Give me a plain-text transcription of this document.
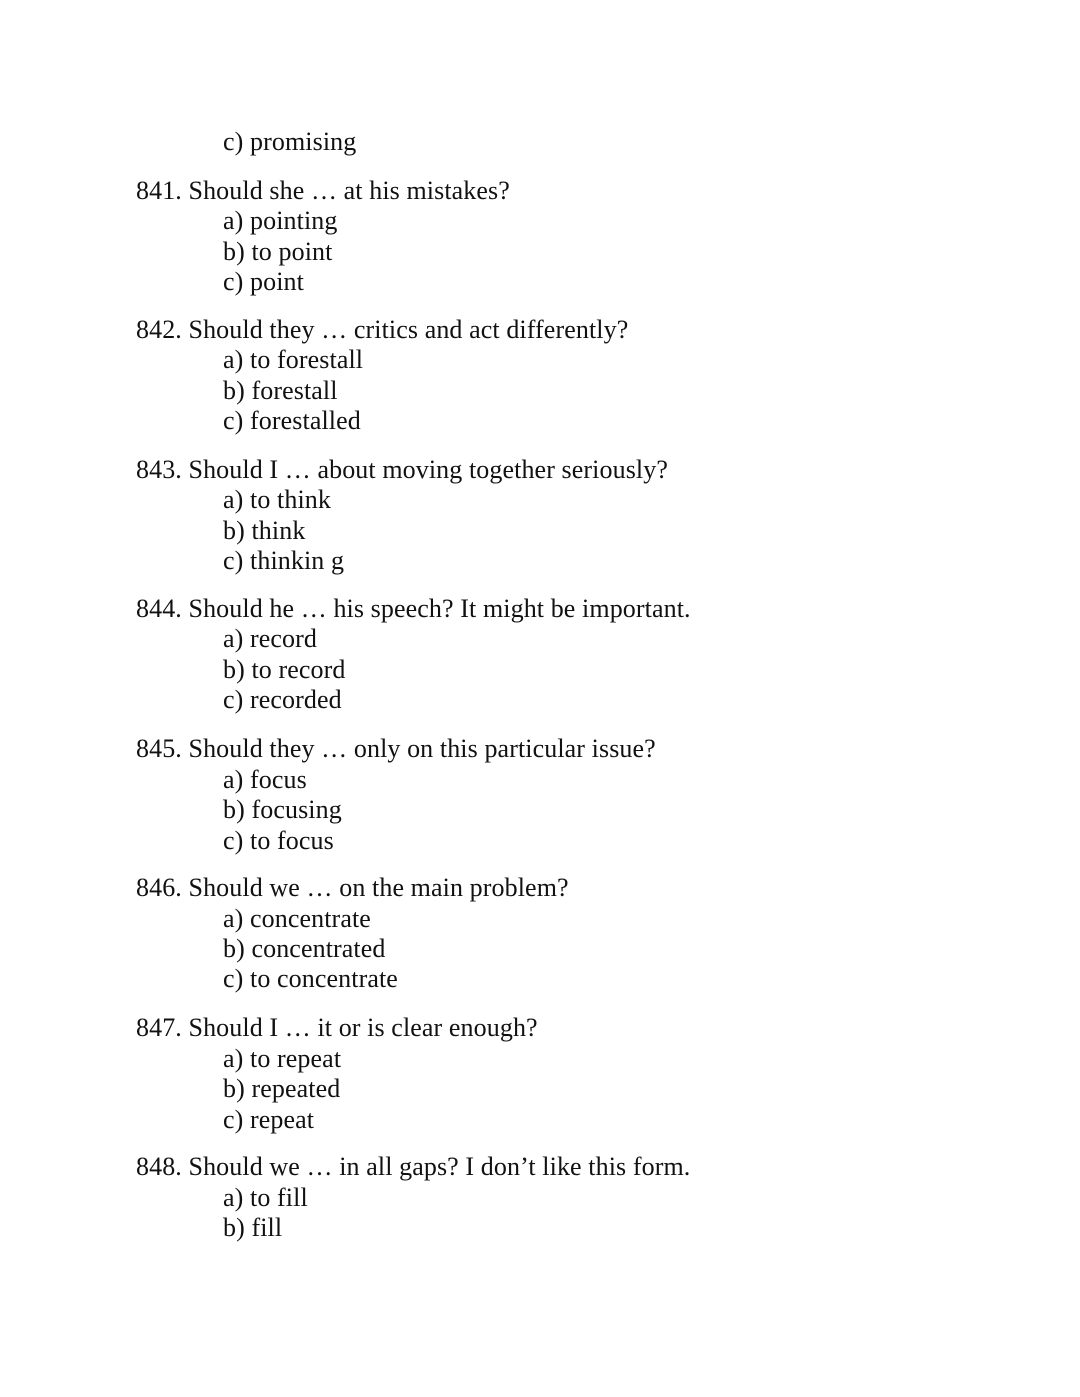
c) promising
841. Should she … at his mistakes?
a) pointing
b) to point
c) point
842. Should they … critics and act differently?
a) to forestall
b) forestall
c) forestalled
843. Should I … about moving together seriously?
a) to think
b) think
c) thinkin g
844. Should he … his speech? It might be important.
a) record
b) to record
c) recorded
845. Should they … only on this particular issue?
a) focus
b) focusing
c) to focus
846. Should we … on the main problem?
a) concentrate
b) concentrated
c) to concentrate
847. Should I … it or is clear enough?
a) to repeat
b) repeated
c) repeat
848. Should we … in all gaps? I don’t like this form.
a) to fill
b) fill
